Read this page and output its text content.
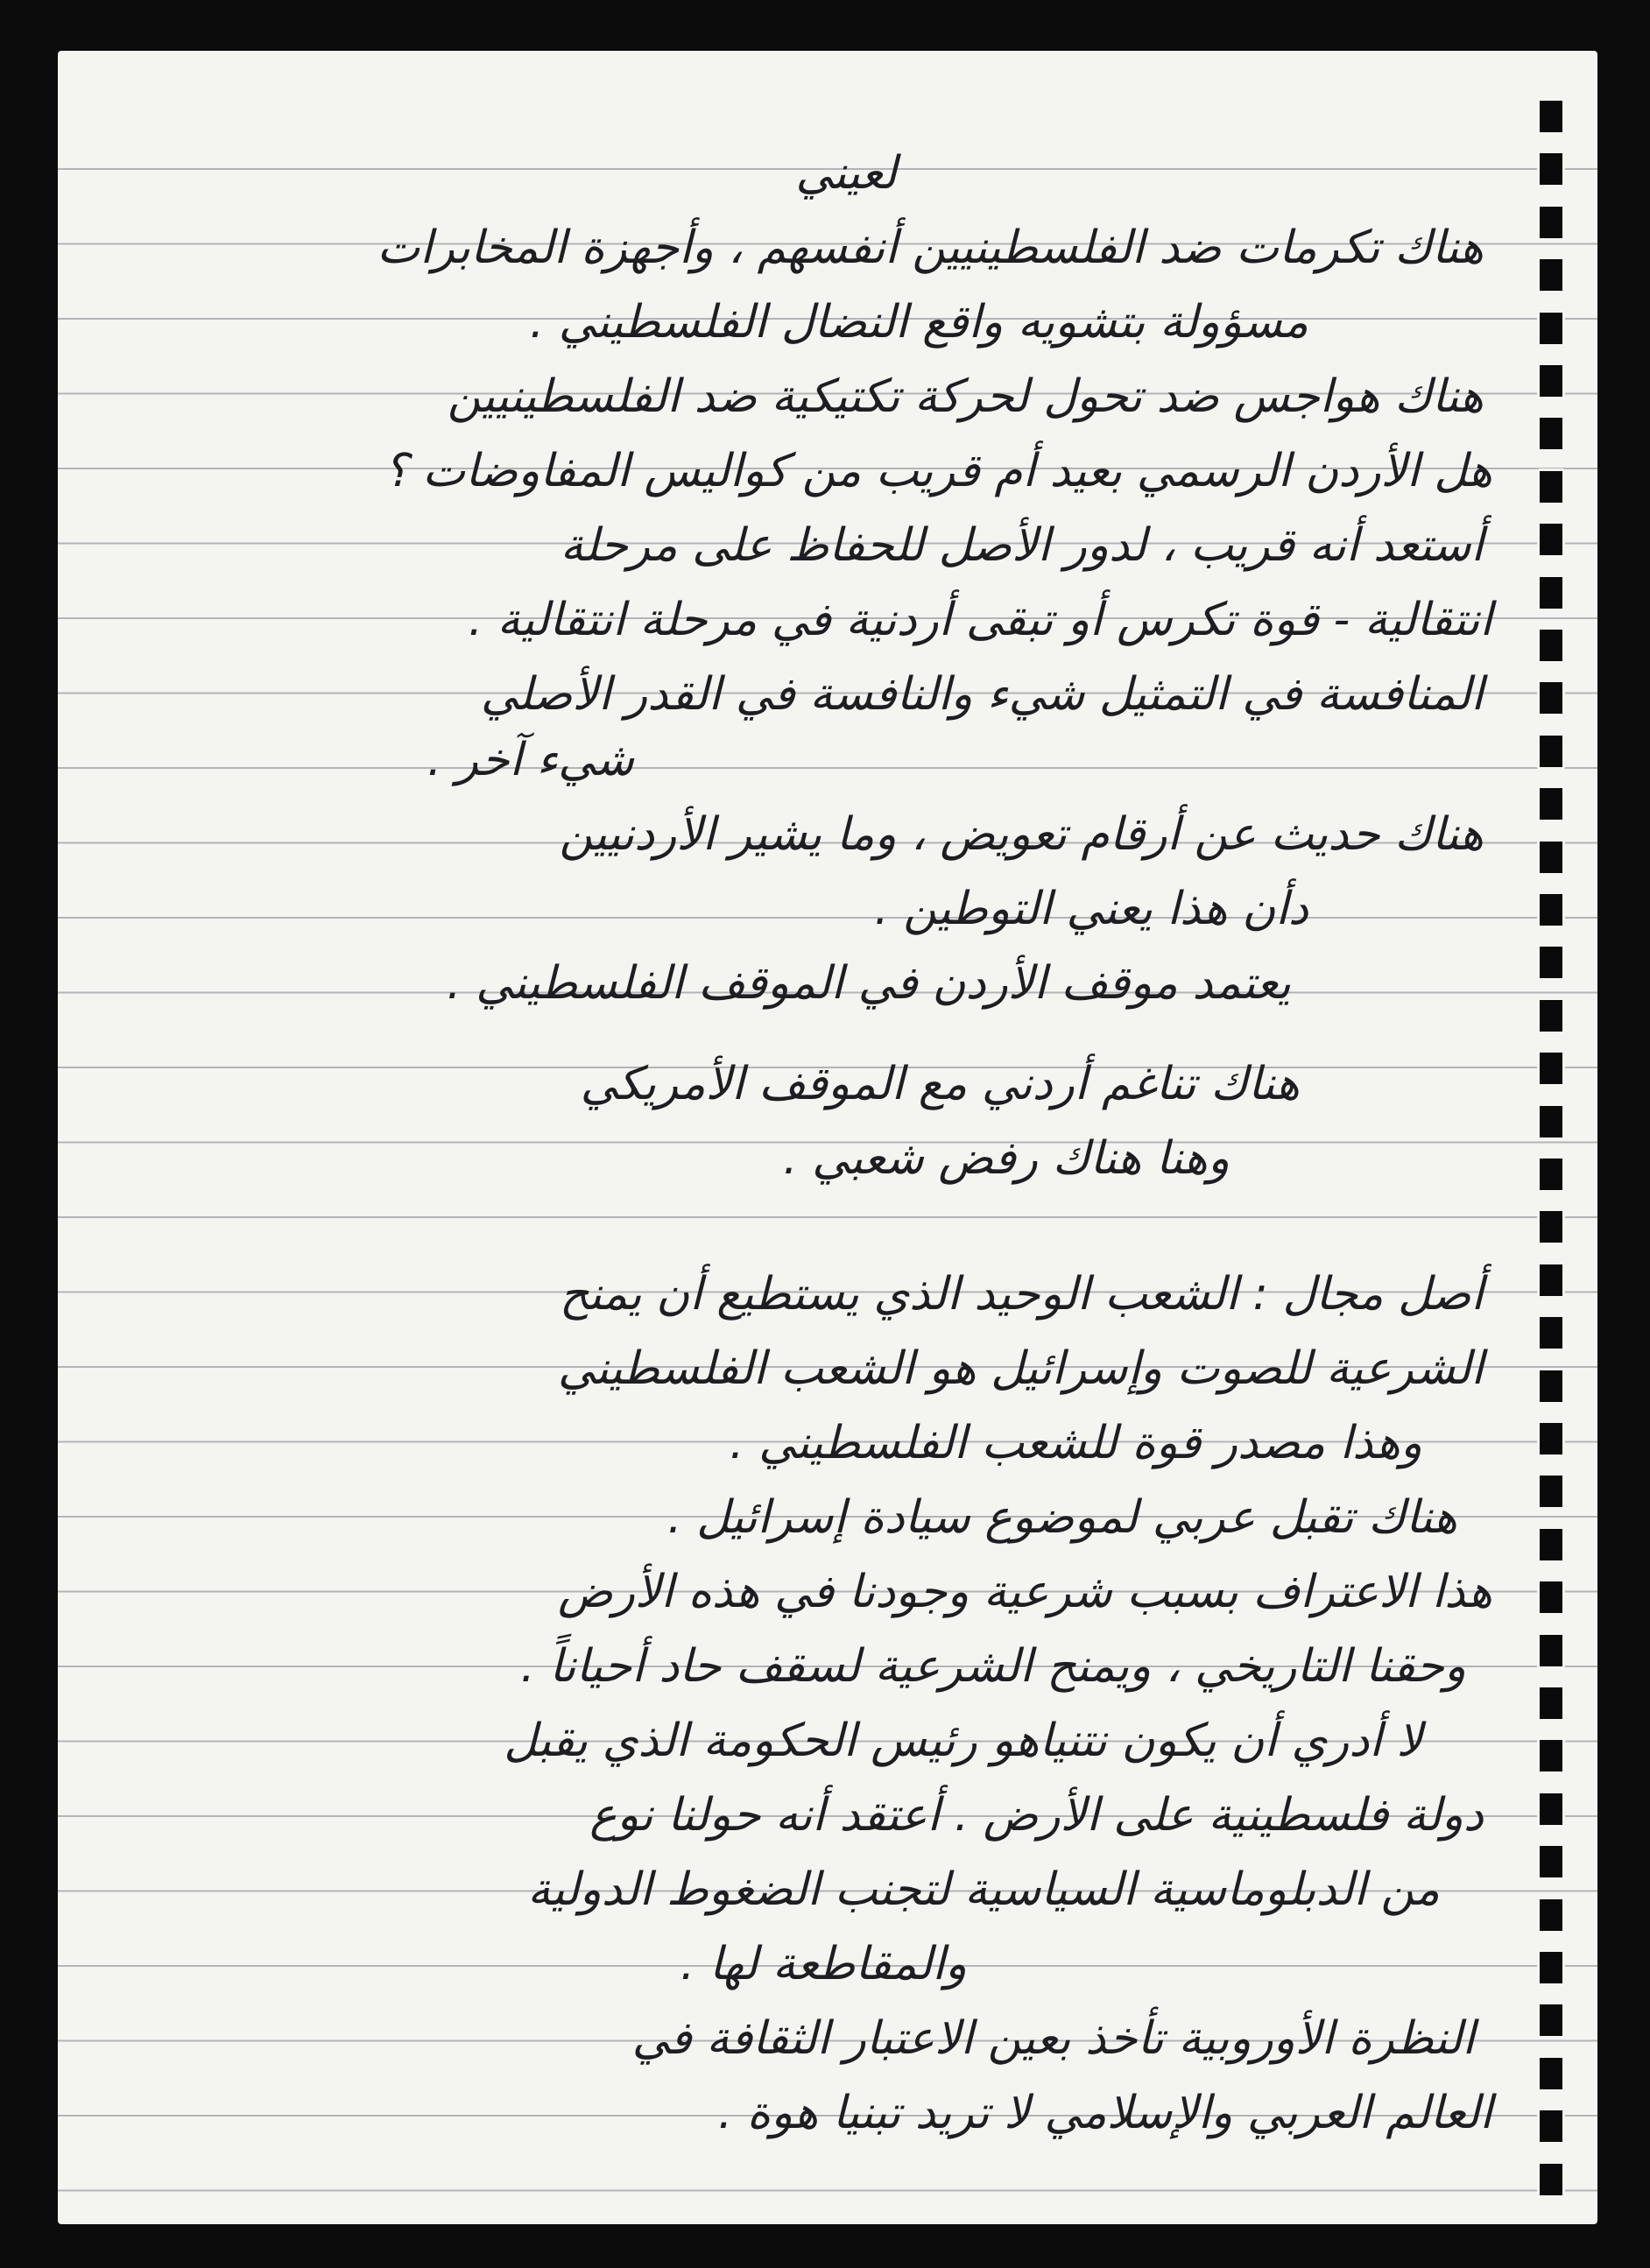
لعيني
هناك تكرمات ضد الفلسطينيين أنفسهم ، وأجهزة المخابرات
مسؤولة بتشويه واقع النضال الفلسطيني .
هناك هواجس ضد تحول لحركة تكتيكية ضد الفلسطينيين
هل الأردن الرسمي بعيد أم قريب من كواليس المفاوضات ؟
أستعد أنه قريب ، لدور الأصل للحفاظ على مرحلة
انتقالية - قوة تكرس أو تبقى أردنية في مرحلة انتقالية .
المنافسة في التمثيل شيء والنافسة في القدر الأصلي
شيء آخر .
هناك حديث عن أرقام تعويض ، وما يشير الأردنيين
دأن هذا يعني التوطين .
يعتمد موقف الأردن في الموقف الفلسطيني .
هناك تناغم أردني مع الموقف الأمريكي
وهنا هناك رفض شعبي .
أصل مجال : الشعب الوحيد الذي يستطيع أن يمنح
الشرعية للصوت وإسرائيل هو الشعب الفلسطيني
وهذا مصدر قوة للشعب الفلسطيني .
هناك تقبل عربي لموضوع سيادة إسرائيل .
هذا الاعتراف بسبب شرعية وجودنا في هذه الأرض
وحقنا التاريخي ، ويمنح الشرعية لسقف حاد أحياناً .
لا أدري أن يكون نتنياهو رئيس الحكومة الذي يقبل
دولة فلسطينية على الأرض . أعتقد أنه حولنا نوع
من الدبلوماسية السياسية لتجنب الضغوط الدولية
والمقاطعة لها .
النظرة الأوروبية تأخذ بعين الاعتبار الثقافة في
العالم العربي والإسلامي لا تريد تبنيا هوة .
